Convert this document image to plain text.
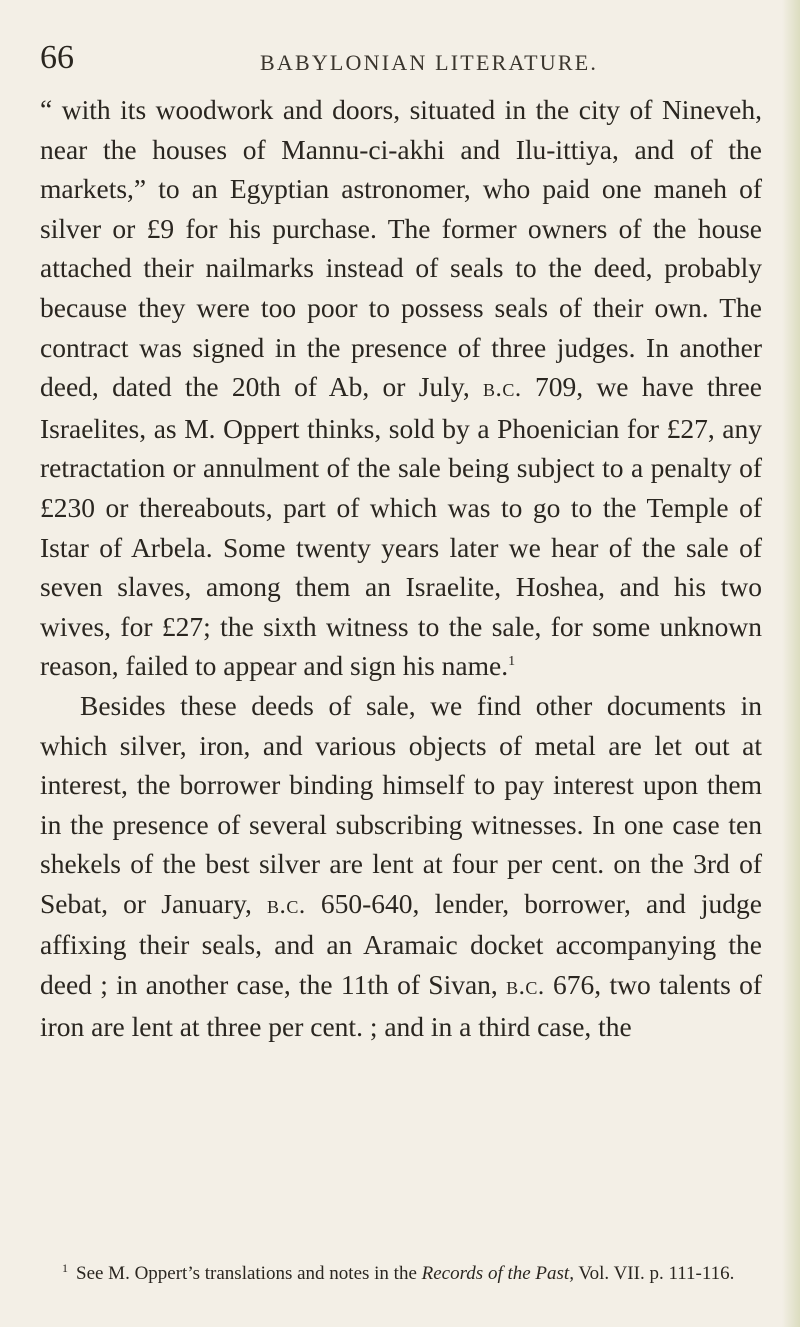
66	BABYLONIAN LITERATURE.

“ with its woodwork and doors, situated in the city of Nineveh, near the houses of Mannu-ci-akhi and Ilu-ittiya, and of the markets,” to an Egyptian astronomer, who paid one maneh of silver or £9 for his purchase. The former owners of the house attached their nailmarks instead of seals to the deed, probably because they were too poor to possess seals of their own. The contract was signed in the presence of three judges. In another deed, dated the 20th of Ab, or July, b.c. 709, we have three Israelites, as M. Oppert thinks, sold by a Phoenician for £27, any retractation or annulment of the sale being subject to a penalty of £230 or thereabouts, part of which was to go to the Temple of Istar of Arbela. Some twenty years later we hear of the sale of seven slaves, among them an Israelite, Hoshea, and his two wives, for £27; the sixth witness to the sale, for some unknown reason, failed to appear and sign his name.$^1$

Besides these deeds of sale, we find other documents in which silver, iron, and various objects of metal are let out at interest, the borrower binding himself to pay interest upon them in the presence of several subscribing witnesses. In one case ten shekels of the best silver are lent at four per cent. on the 3rd of Sebat, or January, b.c. 650-640, lender, borrower, and judge affixing their seals, and an Aramaic docket accompanying the deed ; in another case, the 11th of Sivan, b.c. 676, two talents of iron are lent at three per cent. ; and in a third case, the

$^1$ See M. Oppert’s translations and notes in the Records of the Past, Vol. VII. p. 111-116.
